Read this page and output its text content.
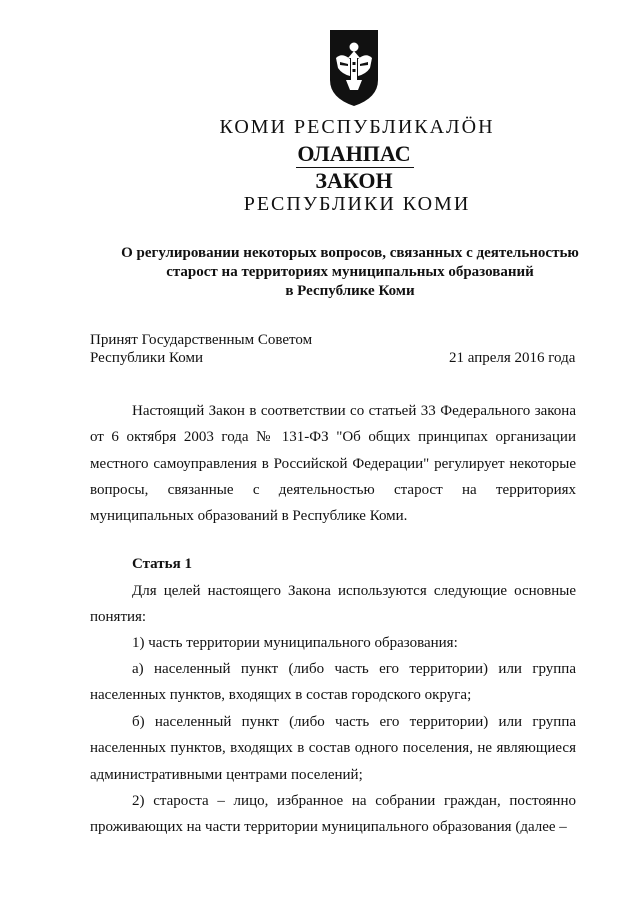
КОМИ РЕСПУБЛИКАЛӦН
ОЛАНПАС
ЗАКОН
РЕСПУБЛИКИ КОМИ
О регулировании некоторых вопросов, связанных с деятельностью
старост на территориях муниципальных образований
в Республике Коми
Принят Государственным Советом
Республики Коми	21 апреля 2016 года
Настоящий Закон в соответствии со статьей 33 Федерального закона от 6 октября 2003 года № 131-ФЗ "Об общих принципах организации местного самоуправления в Российской Федерации" регулирует некоторые вопросы, связанные с деятельностью старост на территориях муниципальных образований в Республике Коми.
Статья 1
Для целей настоящего Закона используются следующие основные понятия:
1) часть территории муниципального образования:
а) населенный пункт (либо часть его территории) или группа населенных пунктов, входящих в состав городского округа;
б) населенный пункт (либо часть его территории) или группа населенных пунктов, входящих в состав одного поселения, не являющиеся административными центрами поселений;
2) староста – лицо, избранное на собрании граждан, постоянно проживающих на части территории муниципального образования (далее –
